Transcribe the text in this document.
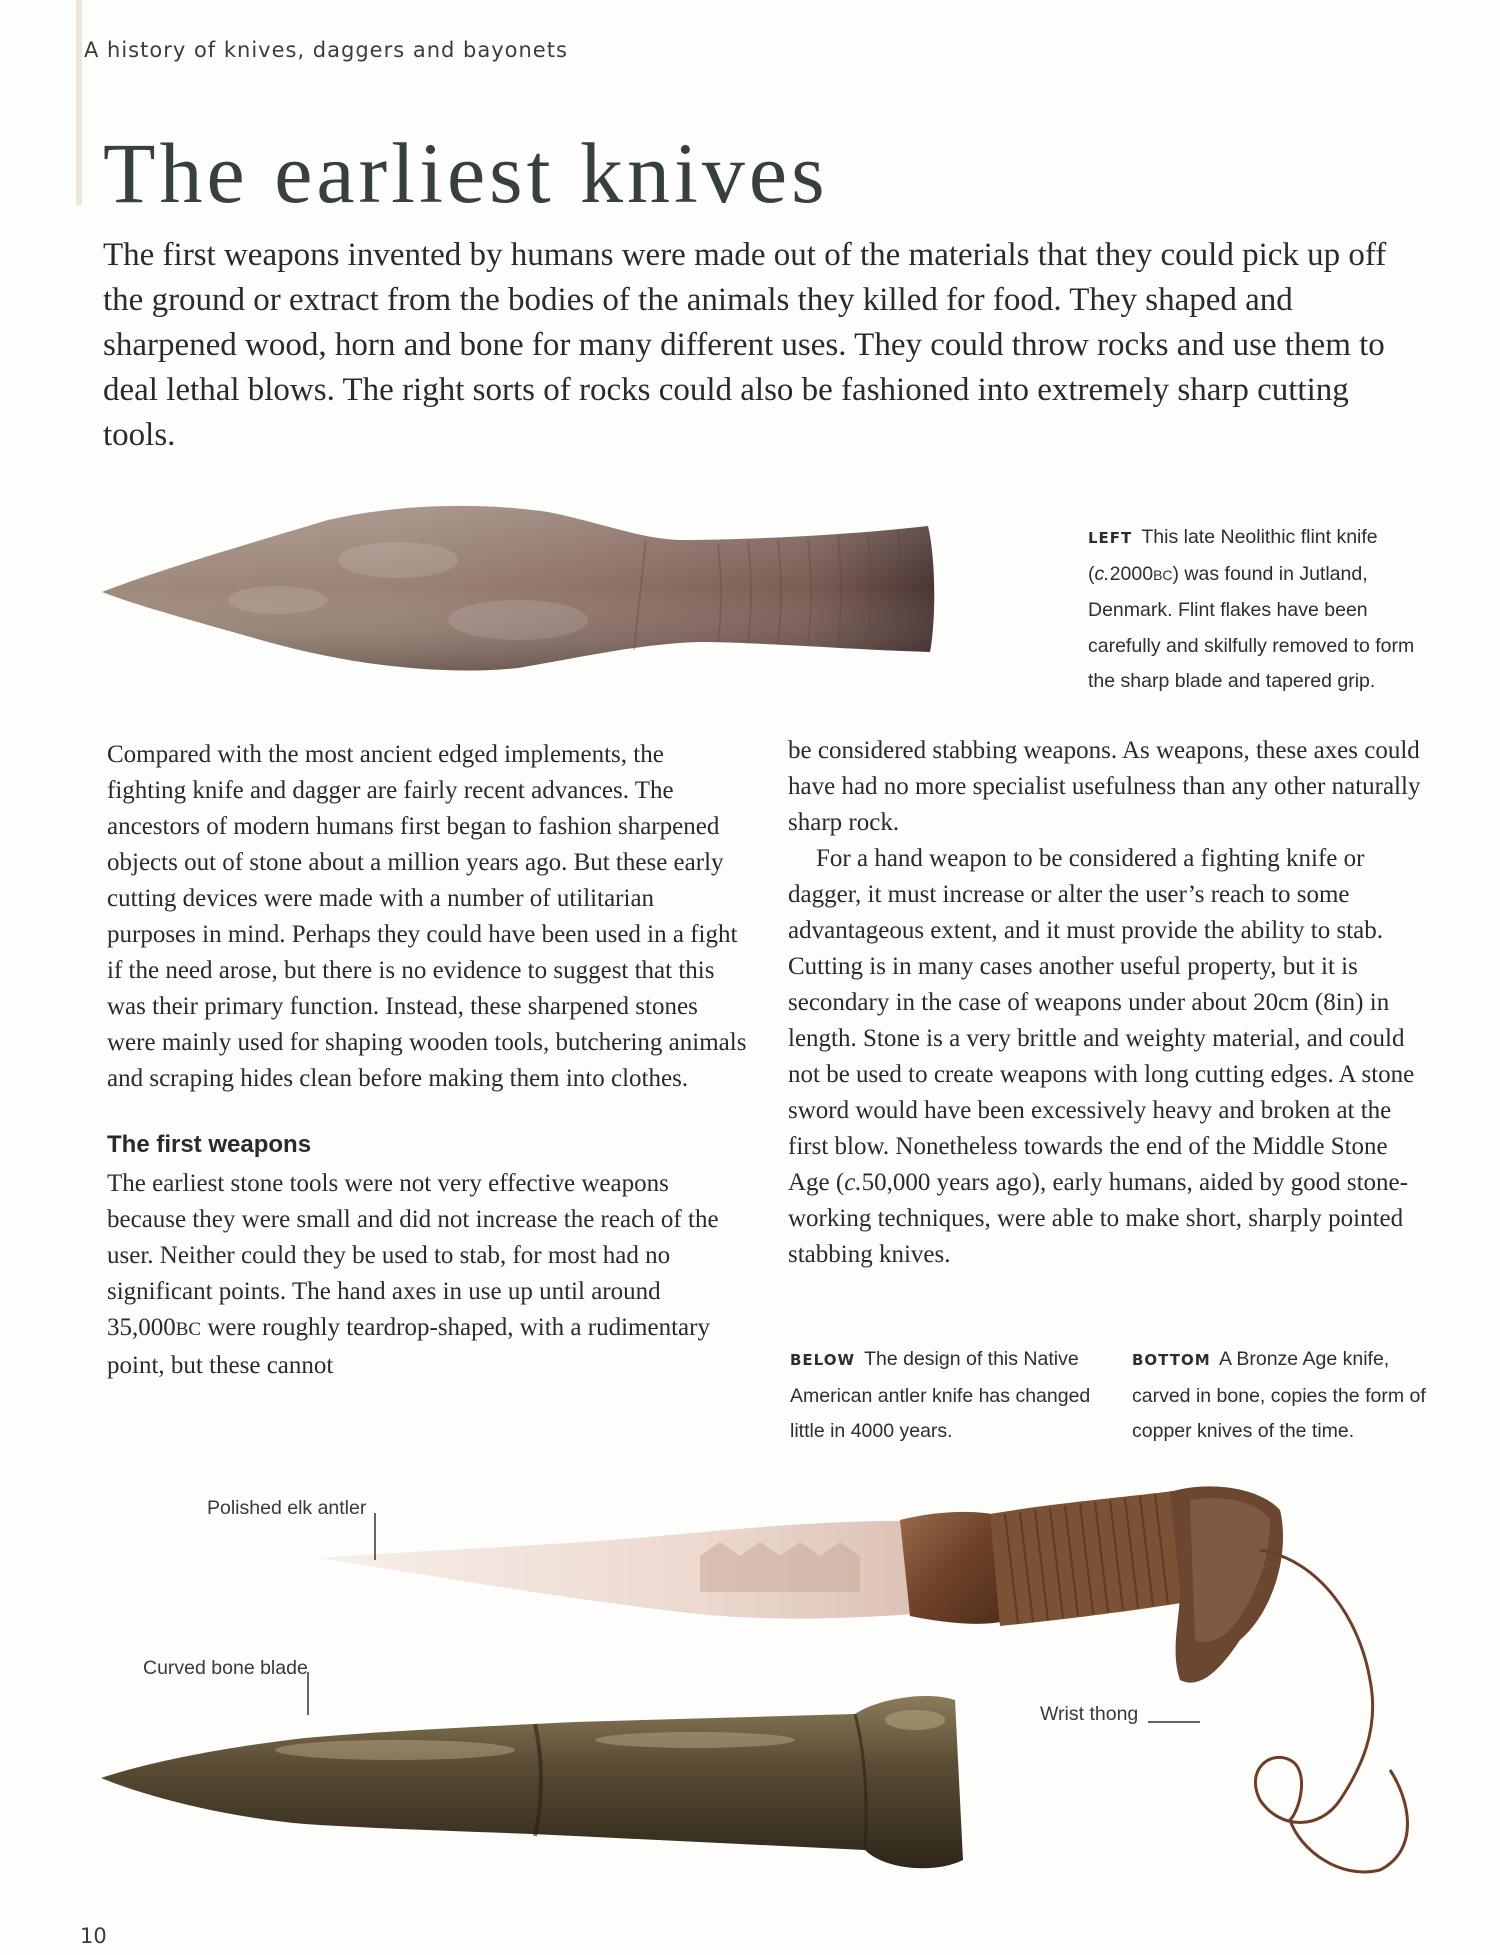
A history of knives, daggers and bayonets
The earliest knives

The first weapons invented by humans were made out of the materials that they could pick up off the ground or extract from the bodies of the animals they killed for food. They shaped and sharpened wood, horn and bone for many different uses. They could throw rocks and use them to deal lethal blows. The right sorts of rocks could also be fashioned into extremely sharp cutting tools.

LEFT This late Neolithic flint knife (c.2000BC) was found in Jutland, Denmark. Flint flakes have been carefully and skilfully removed to form the sharp blade and tapered grip.

Compared with the most ancient edged implements, the fighting knife and dagger are fairly recent advances. The ancestors of modern humans first began to fashion sharpened objects out of stone about a million years ago. But these early cutting devices were made with a number of utilitarian purposes in mind. Perhaps they could have been used in a fight if the need arose, but there is no evidence to suggest that this was their primary function. Instead, these sharpened stones were mainly used for shaping wooden tools, butchering animals and scraping hides clean before making them into clothes.

The first weapons

The earliest stone tools were not very effective weapons because they were small and did not increase the reach of the user. Neither could they be used to stab, for most had no significant points. The hand axes in use up until around 35,000BC were roughly teardrop-shaped, with a rudimentary point, but these cannot

be considered stabbing weapons. As weapons, these axes could have had no more specialist usefulness than any other naturally sharp rock.

For a hand weapon to be considered a fighting knife or dagger, it must increase or alter the user’s reach to some advantageous extent, and it must provide the ability to stab. Cutting is in many cases another useful property, but it is secondary in the case of weapons under about 20cm (8in) in length. Stone is a very brittle and weighty material, and could not be used to create weapons with long cutting edges. A stone sword would have been excessively heavy and broken at the first blow. Nonetheless towards the end of the Middle Stone Age (c.50,000 years ago), early humans, aided by good stone-working techniques, were able to make short, sharply pointed stabbing knives.

BELOW The design of this Native American antler knife has changed little in 4000 years.
BOTTOM A Bronze Age knife, carved in bone, copies the form of copper knives of the time.
Polished elk antler
Curved bone blade
Wrist thong
10
